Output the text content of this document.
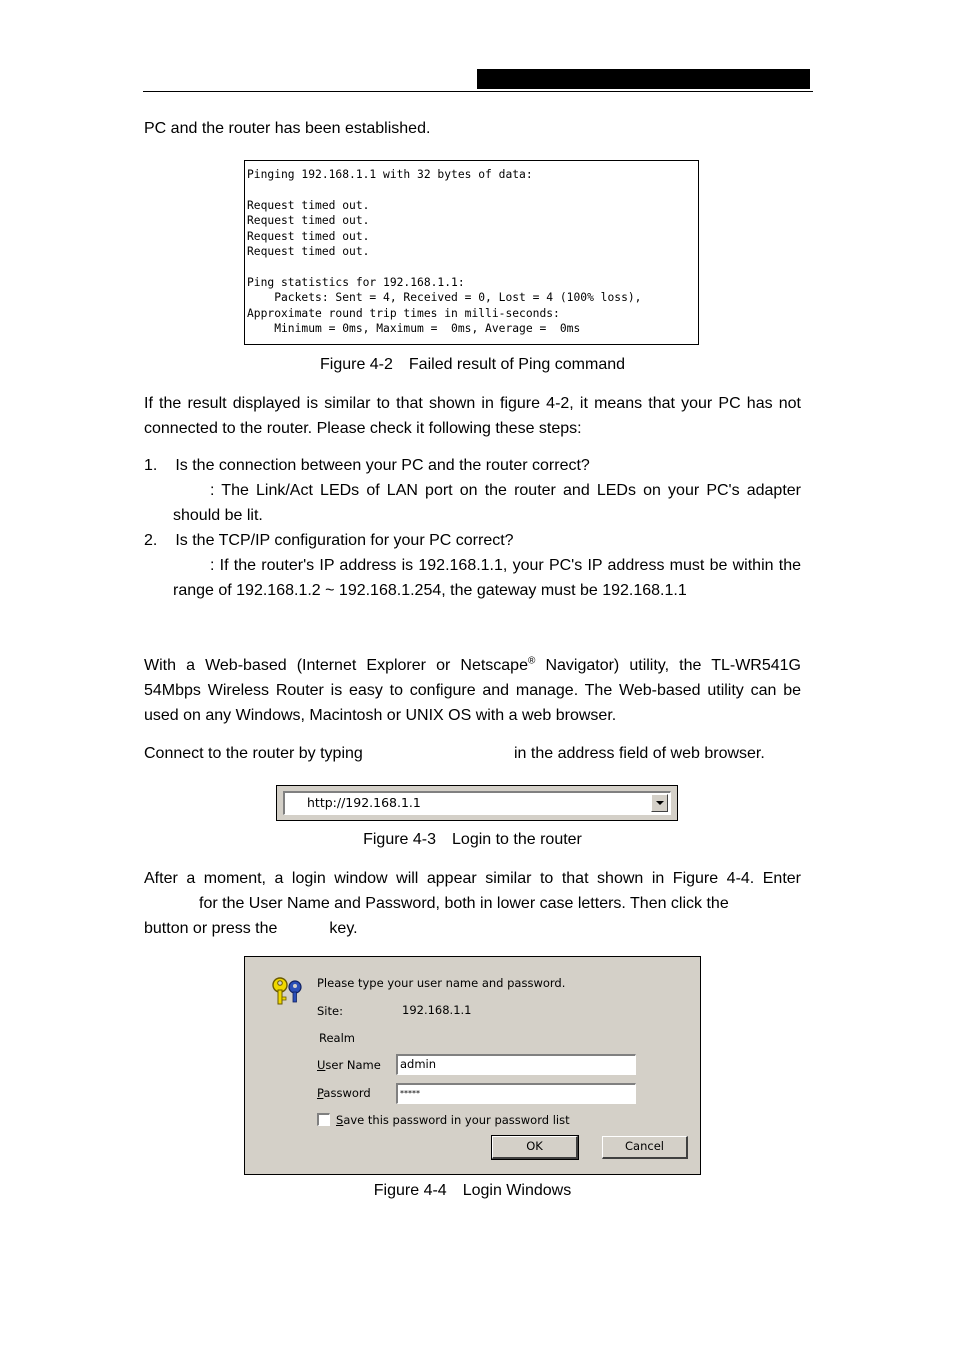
PC and the router has been established.

Pinging 192.168.1.1 with 32 bytes of data:
Request timed out.
Request timed out.
Request timed out.
Request timed out.
Ping statistics for 192.168.1.1:
Packets: Sent = 4, Received = 0, Lost = 4 (100% loss),
Approximate round trip times in milli-seconds:
Minimum = 0ms, Maximum =  0ms, Average =  0ms
Figure 4-2 Failed result of Ping command

If the result displayed is similar to that shown in figure 4-2, it means that your PC has not connected to the router. Please check it following these steps:

1. Is the connection between your PC and the router correct?
: The Link/Act LEDs of LAN port on the router and LEDs on your PC's adapter should be lit.
2. Is the TCP/IP configuration for your PC correct?
: If the router's IP address is 192.168.1.1, your PC's IP address must be within the range of 192.168.1.2 ~ 192.168.1.254, the gateway must be 192.168.1.1

With a Web-based (Internet Explorer or Netscape® Navigator) utility, the TL-WR541G 54Mbps Wireless Router is easy to configure and manage. The Web-based utility can be used on any Windows, Macintosh or UNIX OS with a web browser.

Connect to the router by typing	in the address field of web browser.
http://192.168.1.1
Figure 4-3 Login to the router
After a moment, a login window will appear similar to that shown in Figure 4-4. Enter
for the User Name and Password, both in lower case letters. Then click the
button or press the	key.
Please type your user name and password.
Site:	192.168.1.1
Realm
User Name	admin
Password	*****
Save this password in your password list
OK	Cancel
Figure 4-4 Login Windows
